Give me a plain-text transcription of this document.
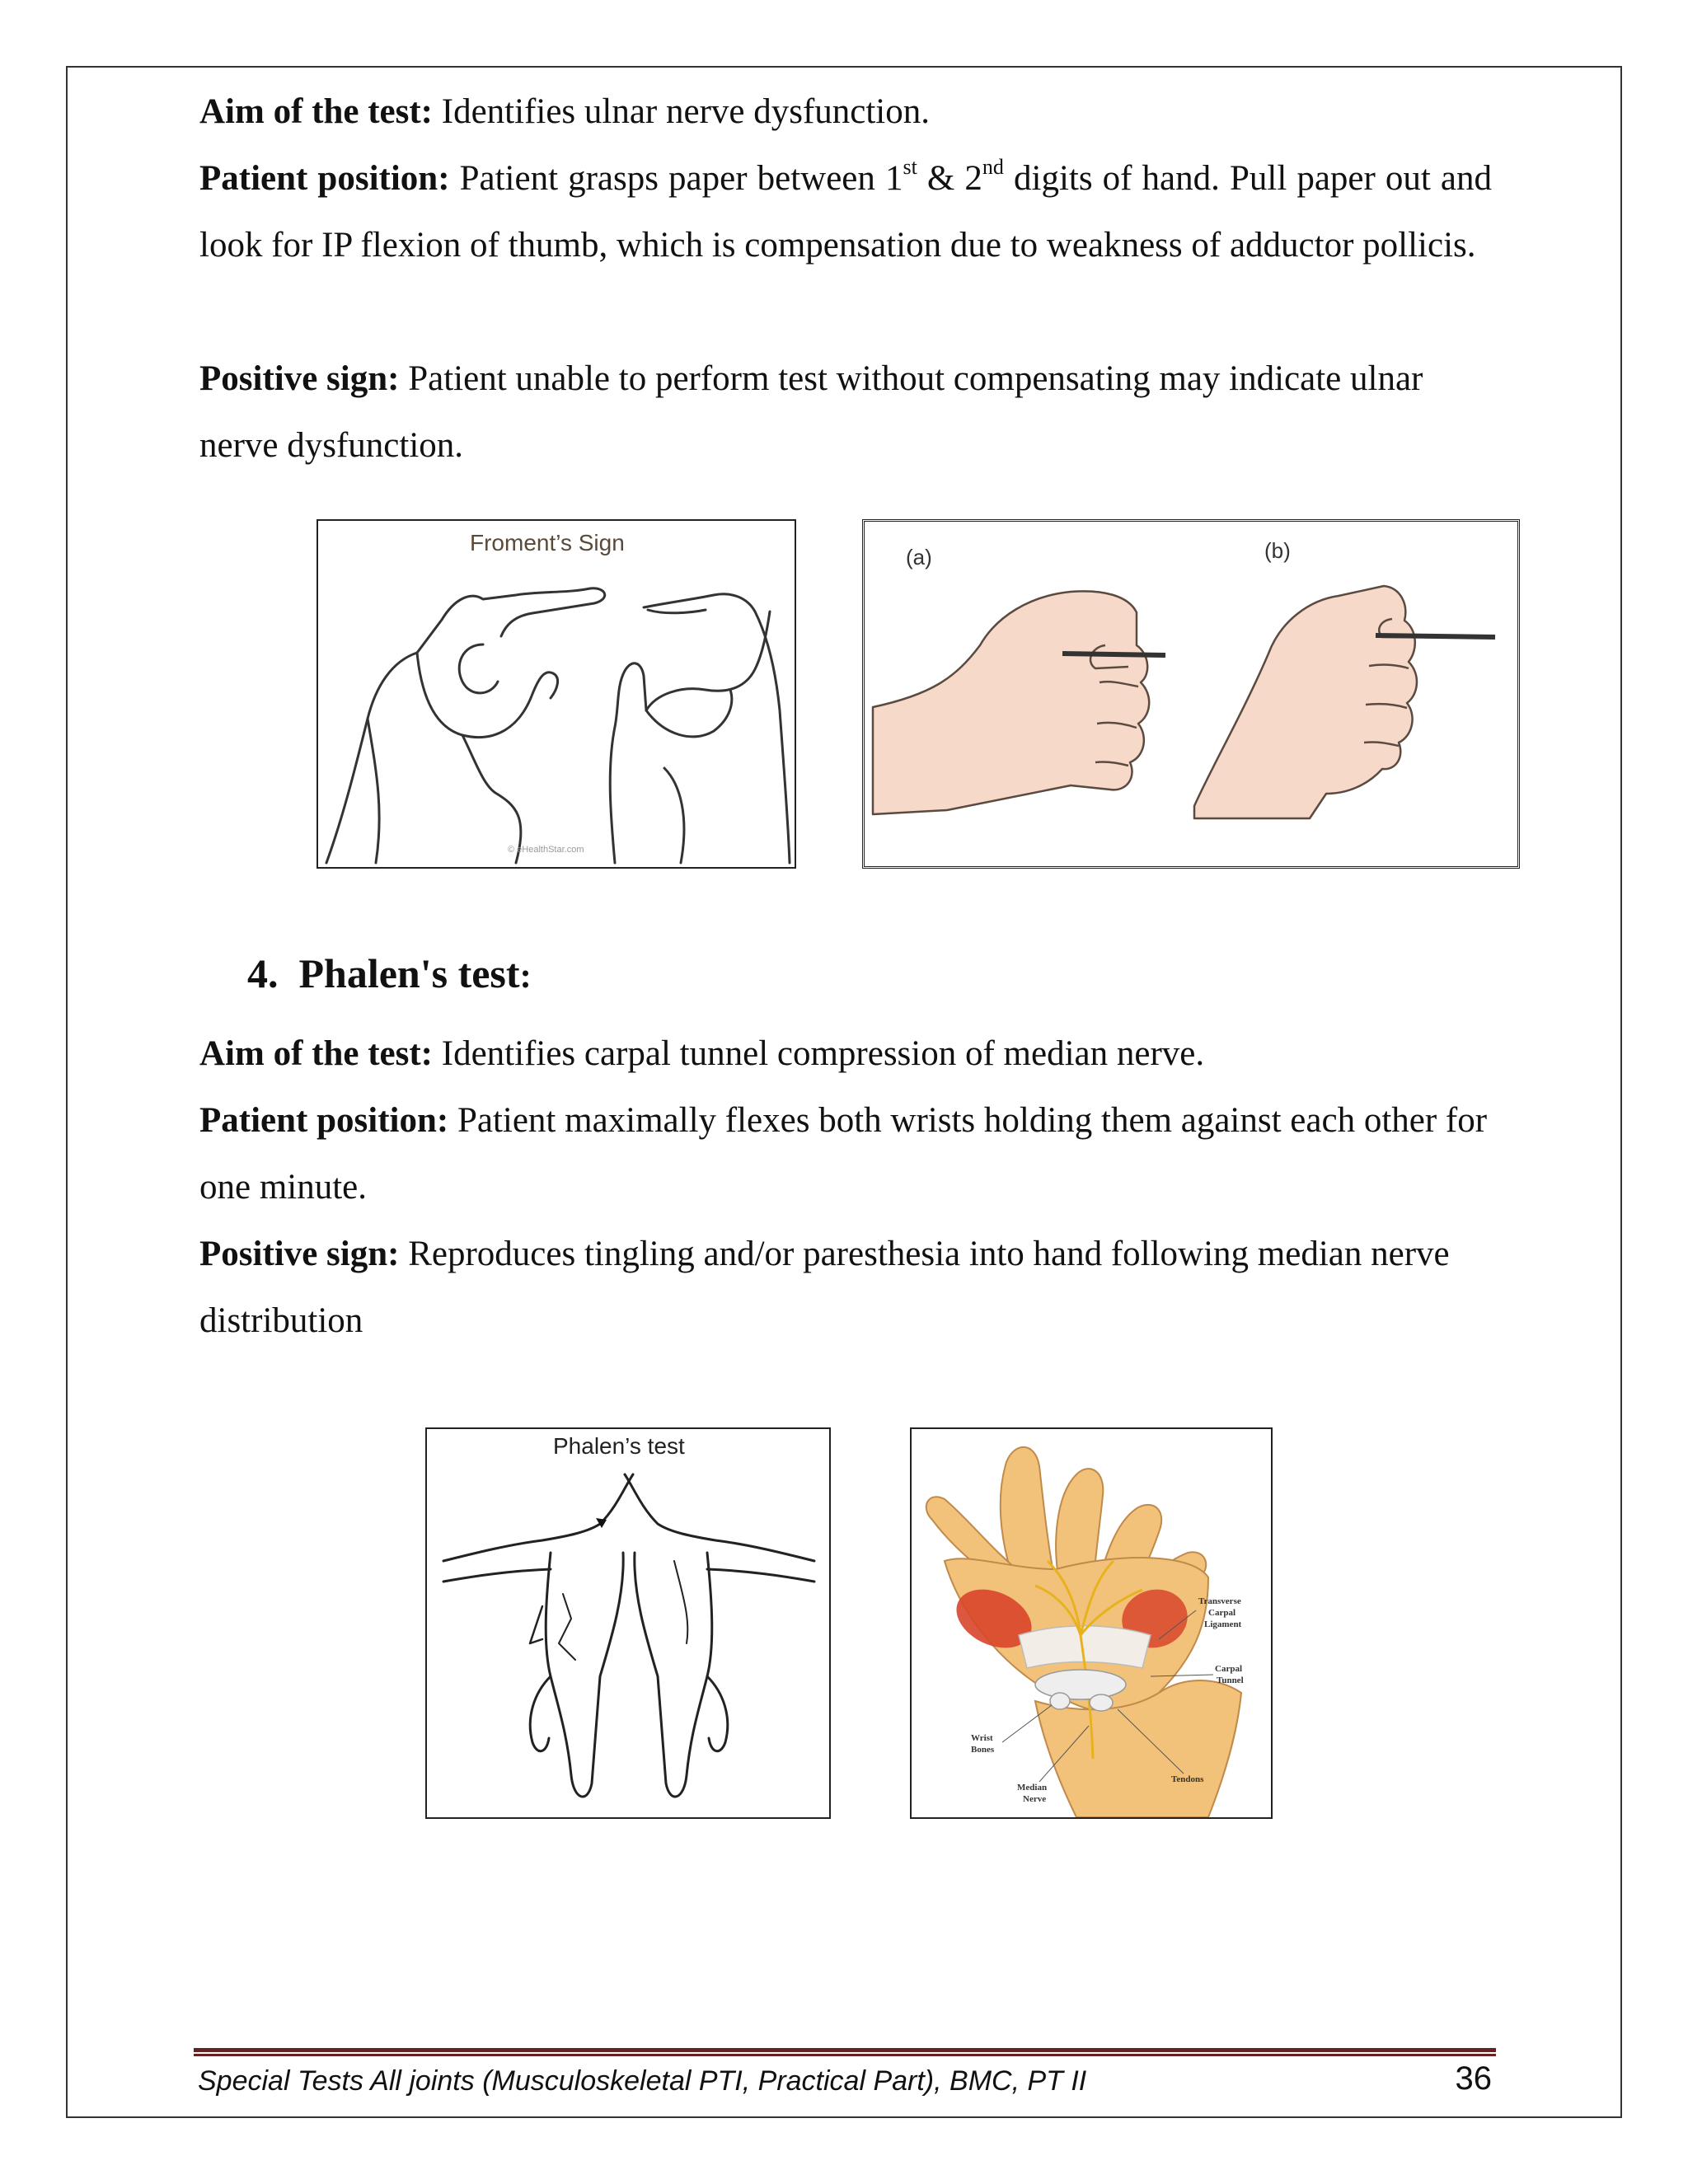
Aim of the test: Identifies ulnar nerve dysfunction.

Patient position: Patient grasps paper between 1st & 2nd digits of hand. Pull paper out and look for IP flexion of thumb, which is compensation due to weakness of adductor pollicis.

Positive sign: Patient unable to perform test without compensating may indicate ulnar nerve dysfunction.

Froment’s Sign
© eHealthStar.com
(a)	(b)
4. Phalen's test:

Aim of the test: Identifies carpal tunnel compression of median nerve.

Patient position: Patient maximally flexes both wrists holding them against each other for one minute.

Positive sign: Reproduces tingling and/or paresthesia into hand following median nerve distribution

Phalen’s test
Transverse
Carpal
Ligament
Carpal
Tunnel
Wrist
Bones
Median
Nerve
Tendons
Special Tests All joints (Musculoskeletal PTI, Practical Part), BMC, PT II	36
